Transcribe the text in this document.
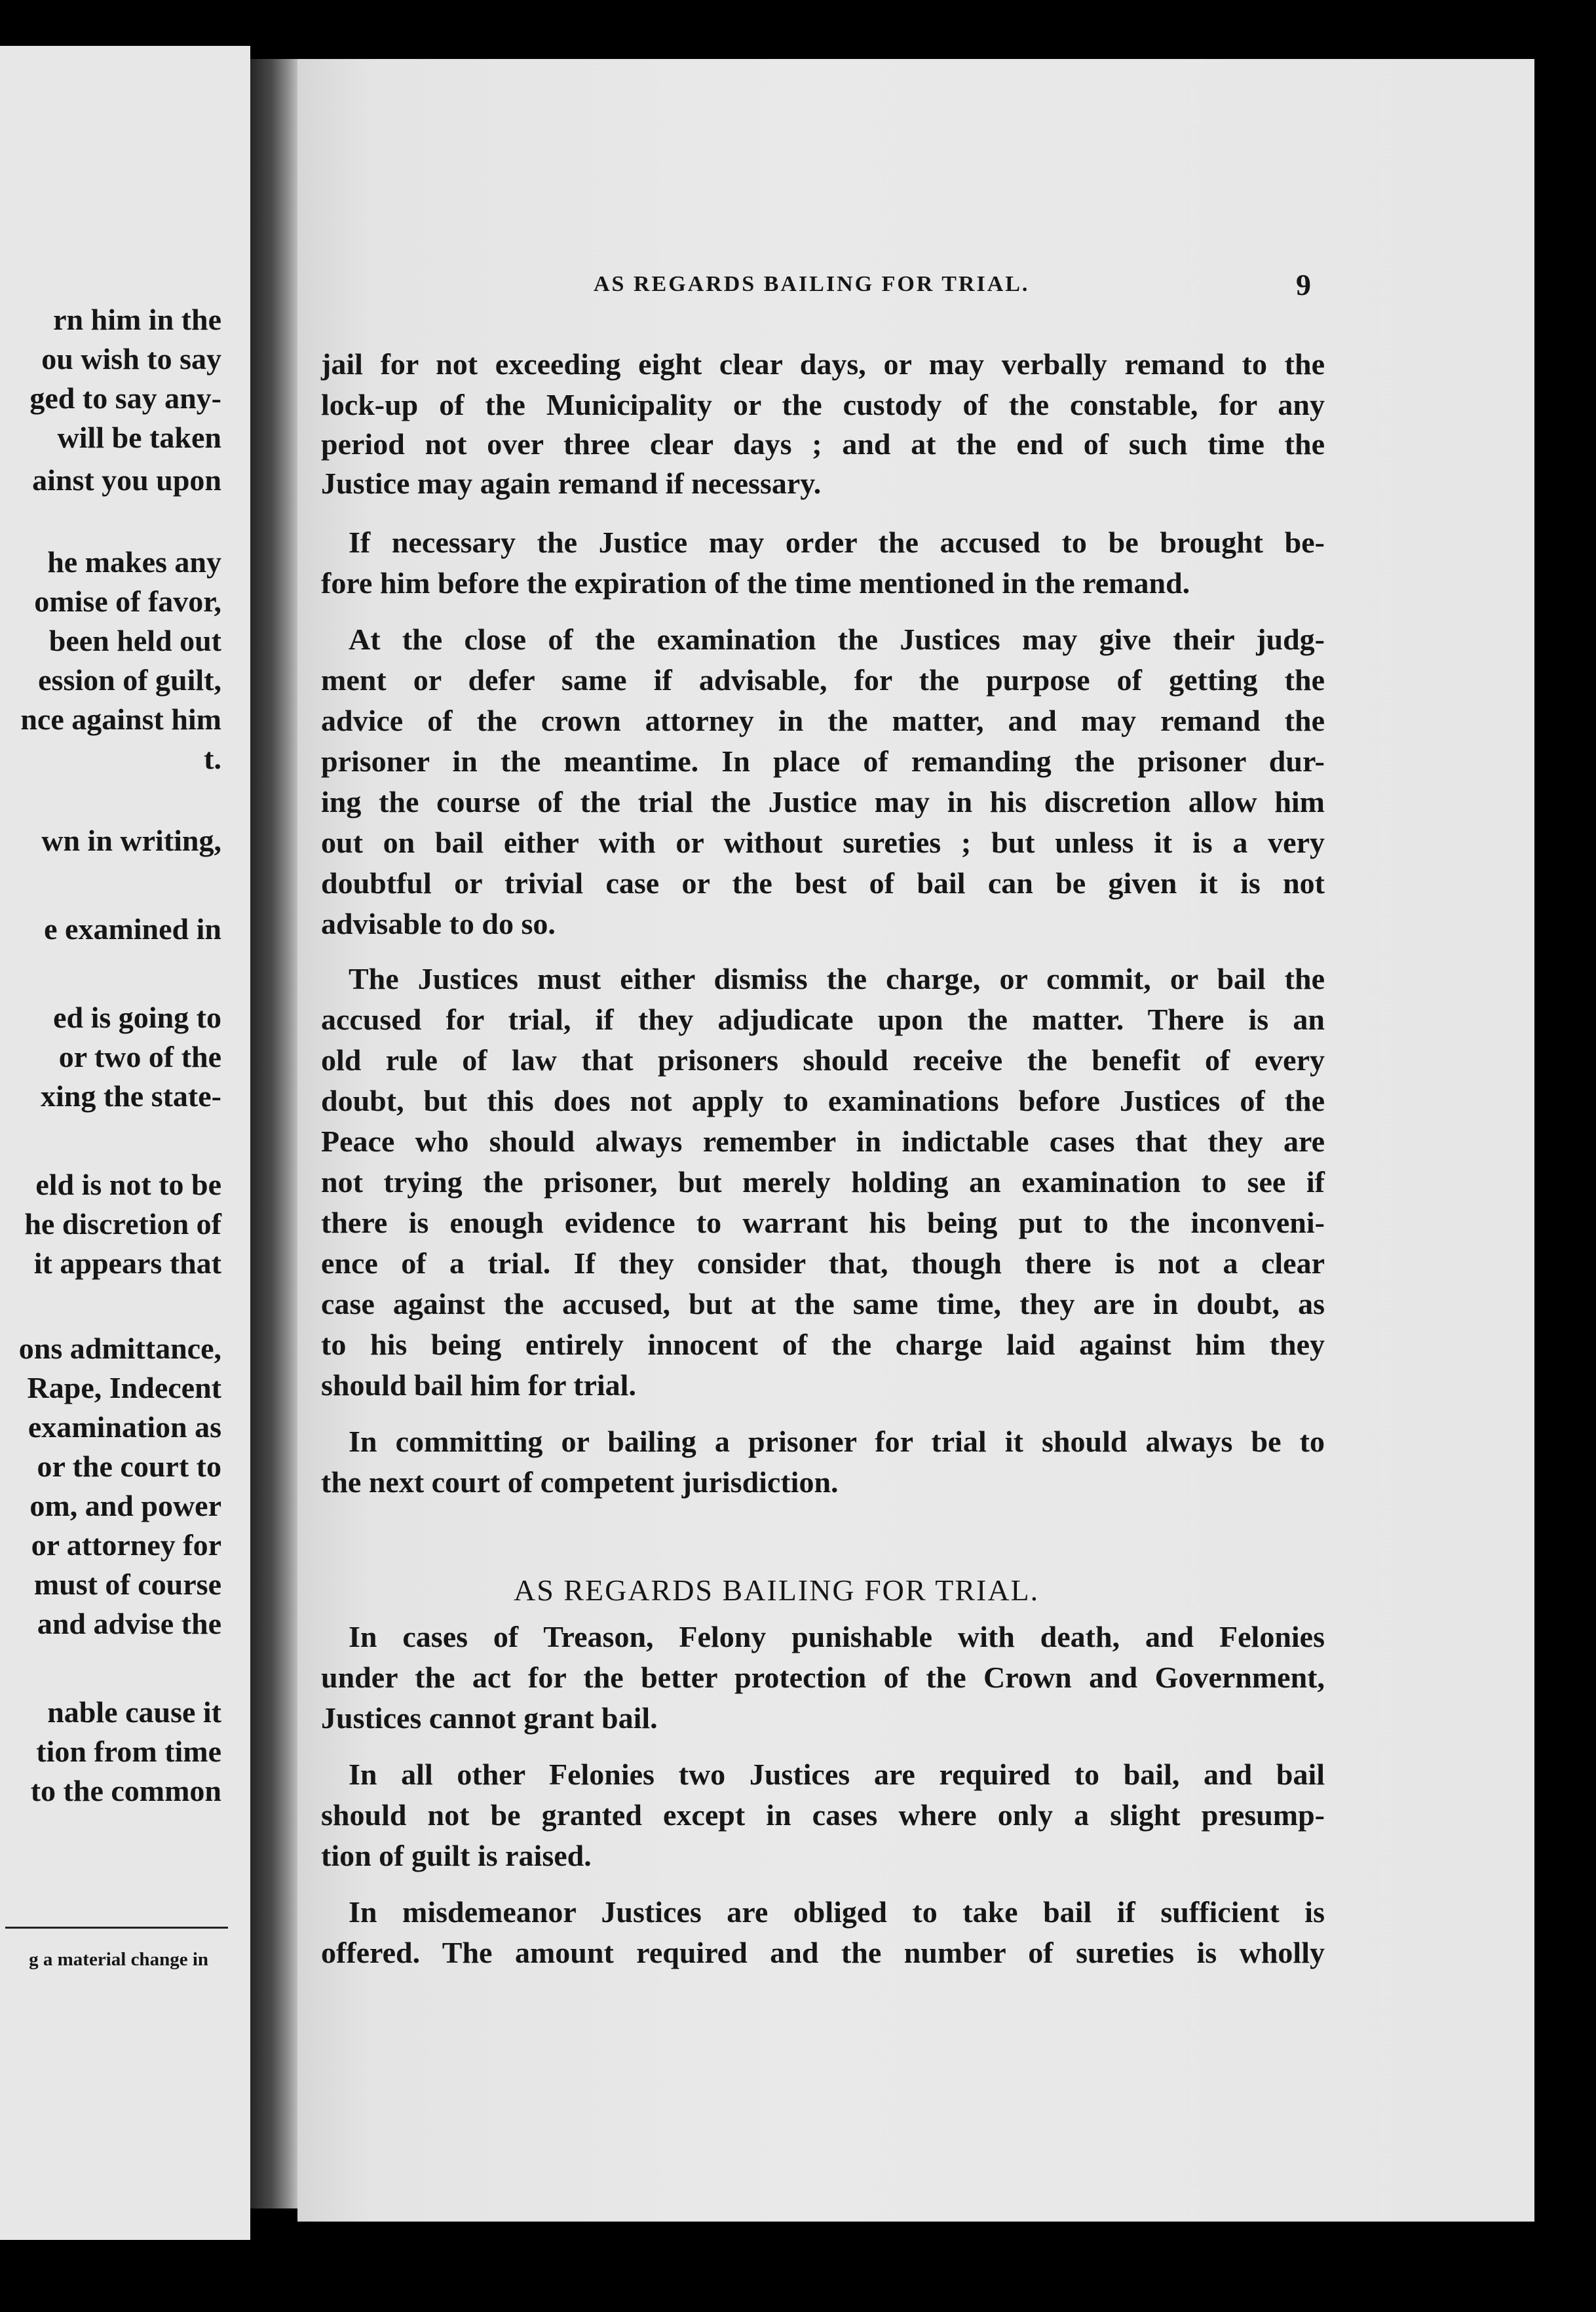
rn him in the
ou wish to say
ged to say any-
will be taken
ainst you upon
he makes any
omise of favor,
been held out
ession of guilt,
nce against him
t.
wn in writing,
e examined in
ed is going to
or two of the
xing the state-
eld is not to be
he discretion of
it appears that
ons admittance,
Rape, Indecent
examination as
or the court to
om, and power
or attorney for
must of course
and advise the
nable cause it
tion from time
to the common
g a material change in
AS REGARDS BAILING FOR TRIAL.	9
jail for not exceeding eight clear days, or may verbally remand to the
lock-up of the Municipality or the custody of the constable, for any
period not over three clear days ; and at the end of such time the
Justice may again remand if necessary.
If necessary the Justice may order the accused to be brought be-
fore him before the expiration of the time mentioned in the remand.
At the close of the examination the Justices may give their judg-
ment or defer same if advisable, for the purpose of getting the
advice of the crown attorney in the matter, and may remand the
prisoner in the meantime. In place of remanding the prisoner dur-
ing the course of the trial the Justice may in his discretion allow him
out on bail either with or without sureties ; but unless it is a very
doubtful or trivial case or the best of bail can be given it is not
advisable to do so.
The Justices must either dismiss the charge, or commit, or bail the
accused for trial, if they adjudicate upon the matter. There is an
old rule of law that prisoners should receive the benefit of every
doubt, but this does not apply to examinations before Justices of the
Peace who should always remember in indictable cases that they are
not trying the prisoner, but merely holding an examination to see if
there is enough evidence to warrant his being put to the inconveni-
ence of a trial. If they consider that, though there is not a clear
case against the accused, but at the same time, they are in doubt, as
to his being entirely innocent of the charge laid against him they
should bail him for trial.
In committing or bailing a prisoner for trial it should always be to
the next court of competent jurisdiction.
AS REGARDS BAILING FOR TRIAL.
In cases of Treason, Felony punishable with death, and Felonies
under the act for the better protection of the Crown and Government,
Justices cannot grant bail.
In all other Felonies two Justices are required to bail, and bail
should not be granted except in cases where only a slight presump-
tion of guilt is raised.
In misdemeanor Justices are obliged to take bail if sufficient is
offered. The amount required and the number of sureties is wholly
